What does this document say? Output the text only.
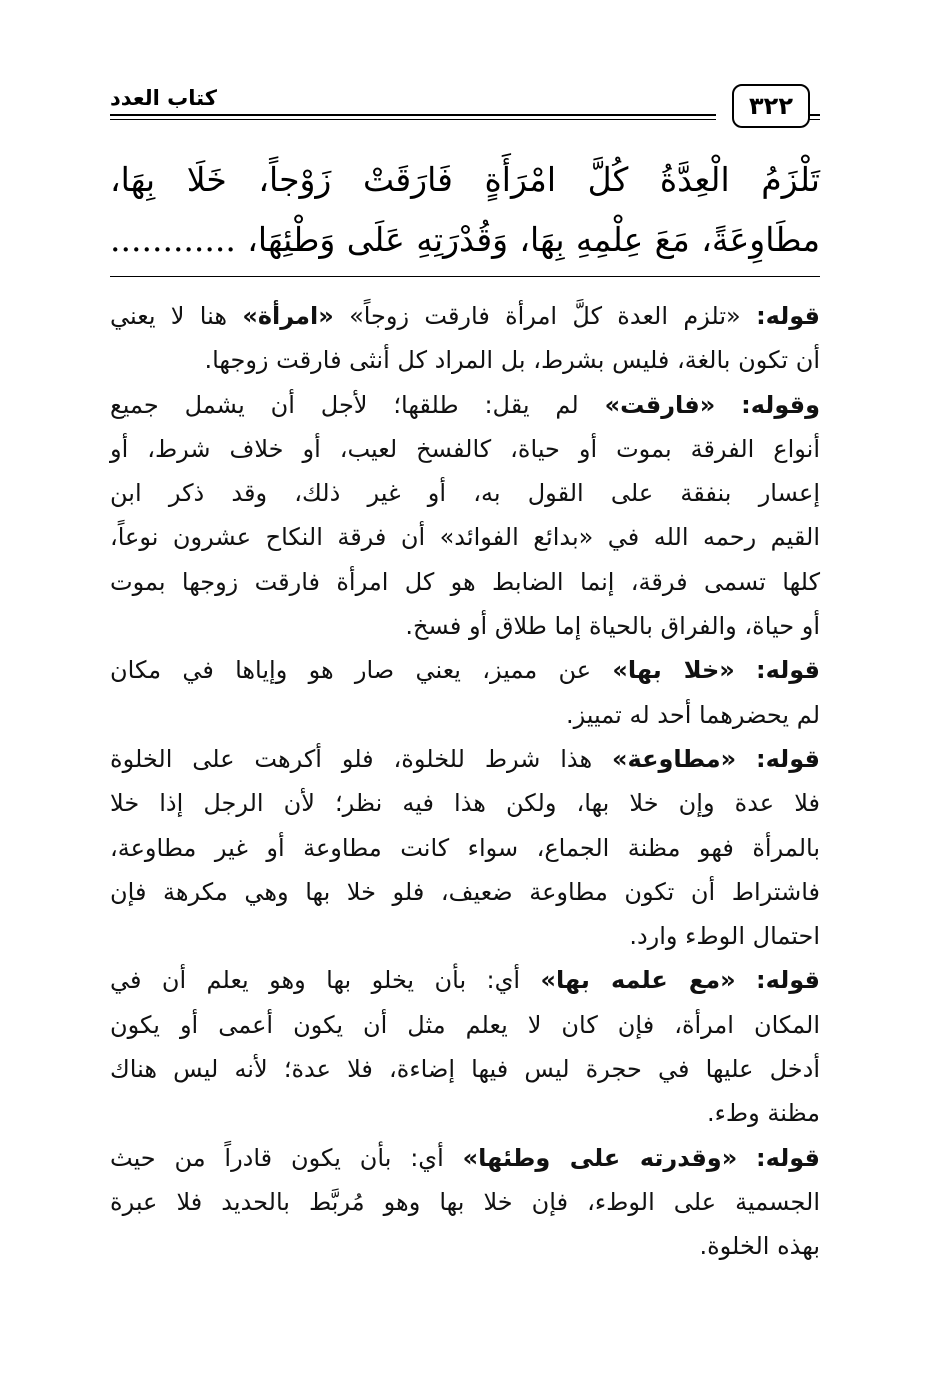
٣٢٢
كتاب العدد
تَلْزَمُ الْعِدَّةُ كُلَّ امْرَأَةٍ فَارَقَتْ زَوْجاً، خَلَا بِهَا،
مطَاوِعَةً، مَعَ عِلْمِهِ بِهَا، وَقُدْرَتِهِ عَلَى وَطْئِهَا، ............
قوله: «تلزم العدة كلَّ امرأة فارقت زوجاً» «امرأة» هنا لا يعني
أن تكون بالغة، فليس بشرط، بل المراد كل أنثى فارقت زوجها.
وقوله: «فارقت» لم يقل: طلقها؛ لأجل أن يشمل جميع
أنواع الفرقة بموت أو حياة، كالفسخ لعيب، أو خلاف شرط، أو
إعسار بنفقة على القول به، أو غير ذلك، وقد ذكر ابن
القيم رحمه الله في «بدائع الفوائد» أن فرقة النكاح عشرون نوعاً،
كلها تسمى فرقة، إنما الضابط هو كل امرأة فارقت زوجها بموت
أو حياة، والفراق بالحياة إما طلاق أو فسخ.
قوله: «خلا بها» عن مميز، يعني صار هو وإياها في مكان
لم يحضرهما أحد له تمييز.
قوله: «مطاوعة» هذا شرط للخلوة، فلو أكرهت على الخلوة
فلا عدة وإن خلا بها، ولكن هذا فيه نظر؛ لأن الرجل إذا خلا
بالمرأة فهو مظنة الجماع، سواء كانت مطاوعة أو غير مطاوعة،
فاشتراط أن تكون مطاوعة ضعيف، فلو خلا بها وهي مكرهة فإن
احتمال الوطء وارد.
قوله: «مع علمه بها» أي: بأن يخلو بها وهو يعلم أن في
المكان امرأة، فإن كان لا يعلم مثل أن يكون أعمى أو يكون
أدخل عليها في حجرة ليس فيها إضاءة، فلا عدة؛ لأنه ليس هناك
مظنة وطء.
قوله: «وقدرته على وطئها» أي: بأن يكون قادراً من حيث
الجسمية على الوطء، فإن خلا بها وهو مُربَّط بالحديد فلا عبرة
بهذه الخلوة.
